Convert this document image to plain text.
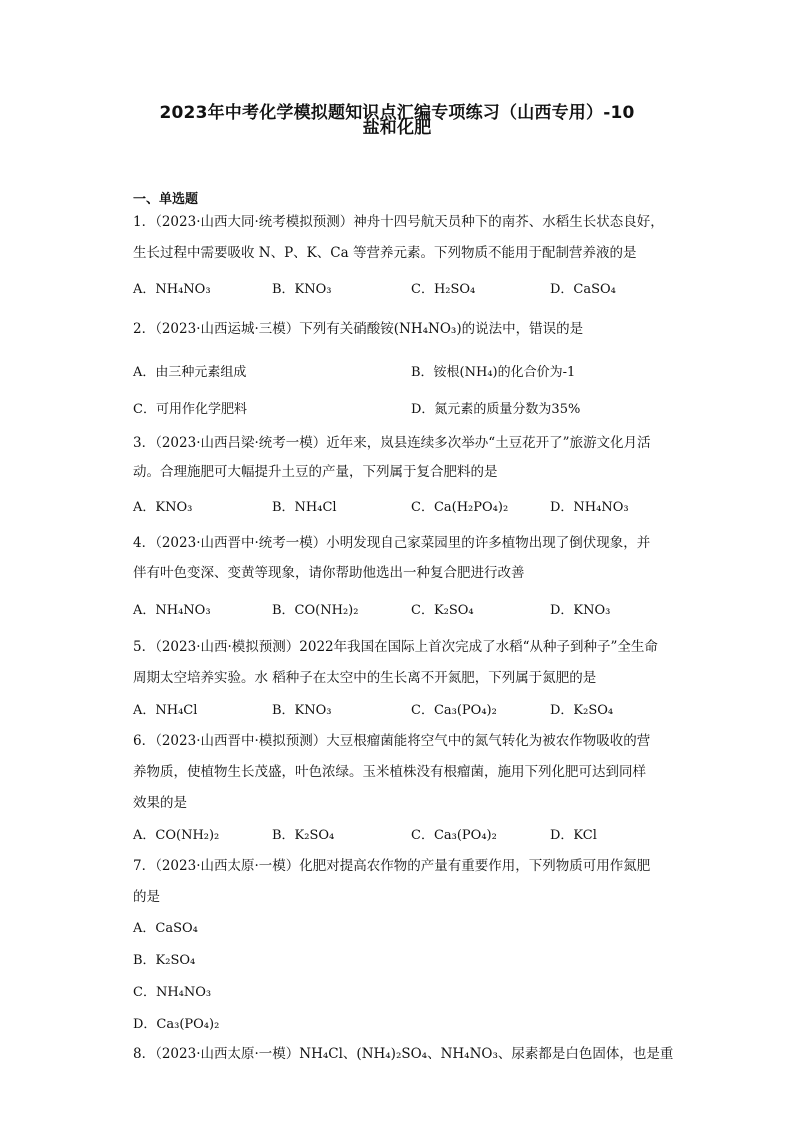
2023年中考化学模拟题知识点汇编专项练习（山西专用）-10
盐和化肥
一、单选题
1．（2023·山西大同·统考模拟预测）神舟十四号航天员种下的南芥、水稻生长状态良好，
生长过程中需要吸收 N、P、K、Ca 等营养元素。下列物质不能用于配制营养液的是
A．NH₄NO₃	B．KNO₃	C．H₂SO₄	D．CaSO₄
2．（2023·山西运城·三模）下列有关硝酸铵(NH₄NO₃)的说法中，错误的是
A．由三种元素组成	B．铵根(NH₄)的化合价为-1
C．可用作化学肥料	D．氮元素的质量分数为35%
3．（2023·山西吕梁·统考一模）近年来，岚县连续多次举办“土豆花开了”旅游文化月活
动。合理施肥可大幅提升土豆的产量，下列属于复合肥料的是
A．KNO₃	B．NH₄Cl	C．Ca(H₂PO₄)₂	D．NH₄NO₃
4．（2023·山西晋中·统考一模）小明发现自己家菜园里的许多植物出现了倒伏现象，并
伴有叶色变深、变黄等现象，请你帮助他选出一种复合肥进行改善
A．NH₄NO₃	B．CO(NH₂)₂	C．K₂SO₄	D．KNO₃
5．（2023·山西·模拟预测）2022年我国在国际上首次完成了水稻“从种子到种子”全生命
周期太空培养实验。水 稻种子在太空中的生长离不开氮肥，下列属于氮肥的是
A．NH₄Cl	B．KNO₃	C．Ca₃(PO₄)₂	D．K₂SO₄
6．（2023·山西晋中·模拟预测）大豆根瘤菌能将空气中的氮气转化为被农作物吸收的营
养物质，使植物生长茂盛，叶色浓绿。玉米植株没有根瘤菌，施用下列化肥可达到同样
效果的是
A．CO(NH₂)₂	B．K₂SO₄	C．Ca₃(PO₄)₂	D．KCl
7．（2023·山西太原·一模）化肥对提高农作物的产量有重要作用，下列物质可用作氮肥
的是
A．CaSO₄
B．K₂SO₄
C．NH₄NO₃
D．Ca₃(PO₄)₂
8．（2023·山西太原·一模）NH₄Cl、(NH₄)₂SO₄、NH₄NO₃、尿素都是白色固体，也是重
